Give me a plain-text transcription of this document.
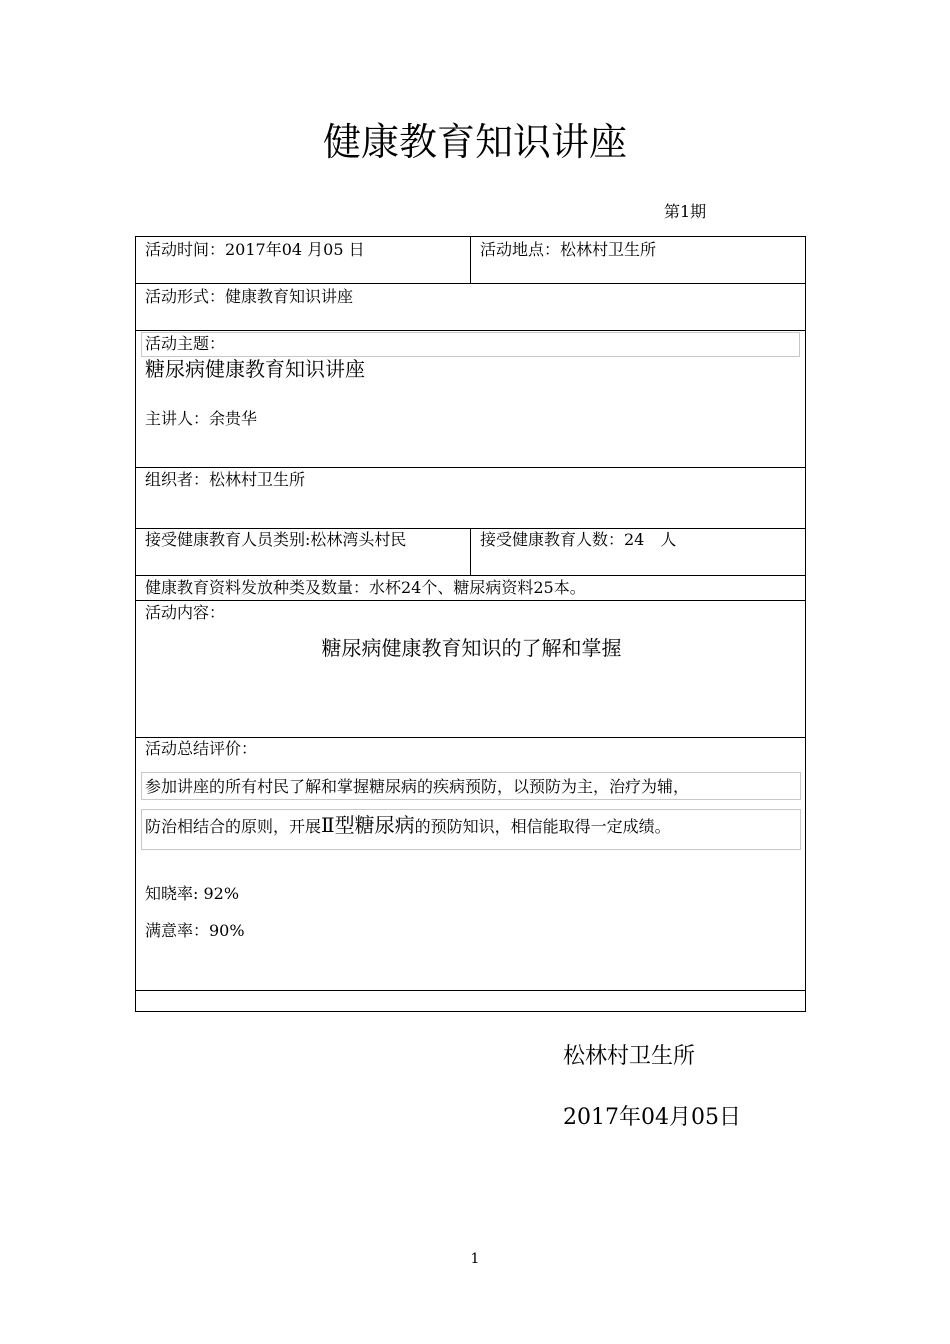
健康教育知识讲座
第1期
活动时间：2017年04 月05 日	活动地点：松林村卫生所
活动形式：健康教育知识讲座
活动主题：
糖尿病健康教育知识讲座
主讲人：余贵华
组织者：松林村卫生所
接受健康教育人员类别:松林湾头村民	接受健康教育人数：24　人
健康教育资料发放种类及数量：水杯24个、糖尿病资料25本。
活动内容：
糖尿病健康教育知识的了解和掌握
活动总结评价：
参加讲座的所有村民了解和掌握糖尿病的疾病预防，以预防为主，治疗为辅，
防治相结合的原则，开展Ⅱ型糖尿病的预防知识，相信能取得一定成绩。
知晓率: 92%
满意率：90%
松林村卫生所
2017年04月05日
1
